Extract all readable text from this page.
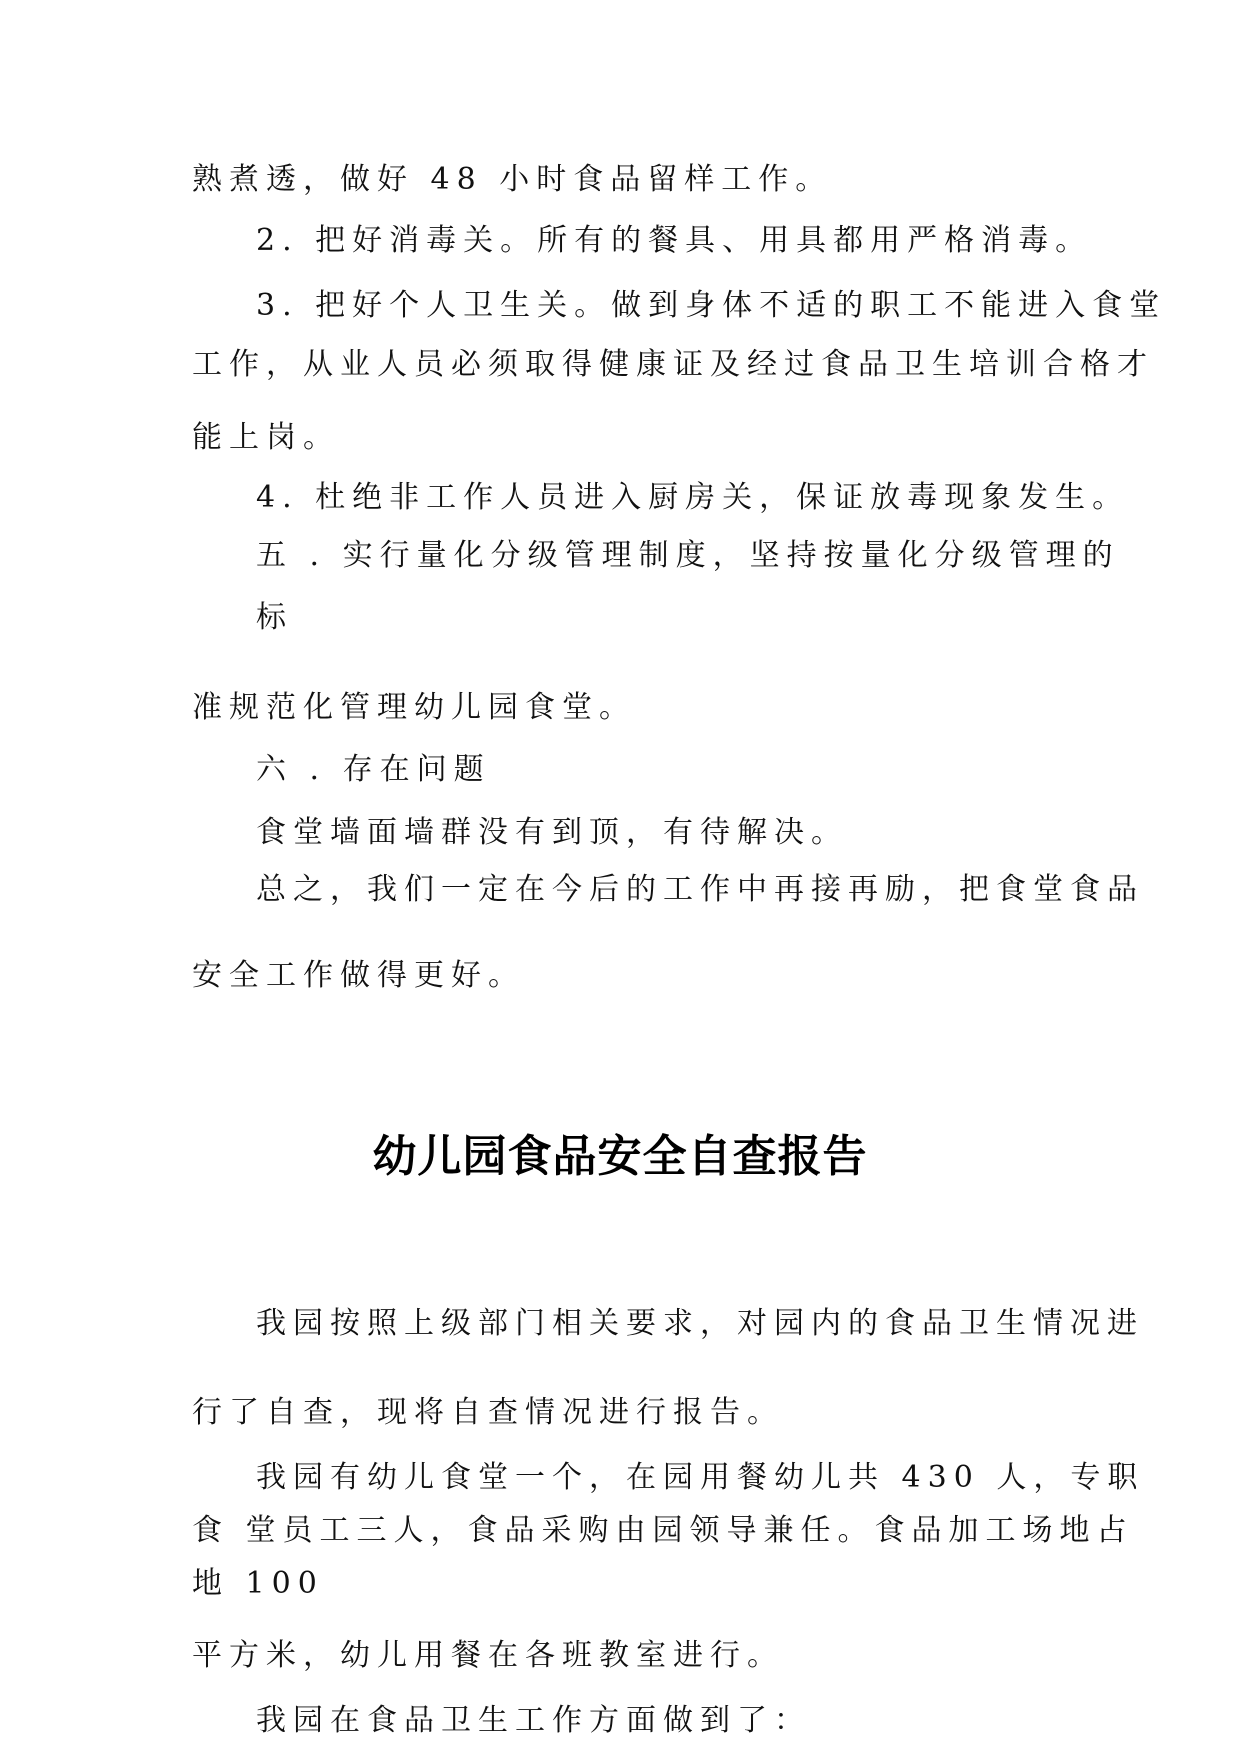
熟煮透，做好 48 小时食品留样工作。
2. 把好消毒关。所有的餐具、用具都用严格消毒。
3. 把好个人卫生关。做到身体不适的职工不能进入食堂
工作，从业人员必须取得健康证及经过食品卫生培训合格才
能上岗。
4. 杜绝非工作人员进入厨房关，保证放毒现象发生。
五 . 实行量化分级管理制度，坚持按量化分级管理的
标
准规范化管理幼儿园食堂。
六 . 存在问题
食堂墙面墙群没有到顶，有待解决。
总之，我们一定在今后的工作中再接再励，把食堂食品
安全工作做得更好。
幼儿园食品安全自查报告
我园按照上级部门相关要求，对园内的食品卫生情况进
行了自查，现将自查情况进行报告。
我园有幼儿食堂一个，在园用餐幼儿共 430 人，专职
食 堂员工三人，食品采购由园领导兼任。食品加工场地占
地 100
平方米，幼儿用餐在各班教室进行。
我园在食品卫生工作方面做到了：
